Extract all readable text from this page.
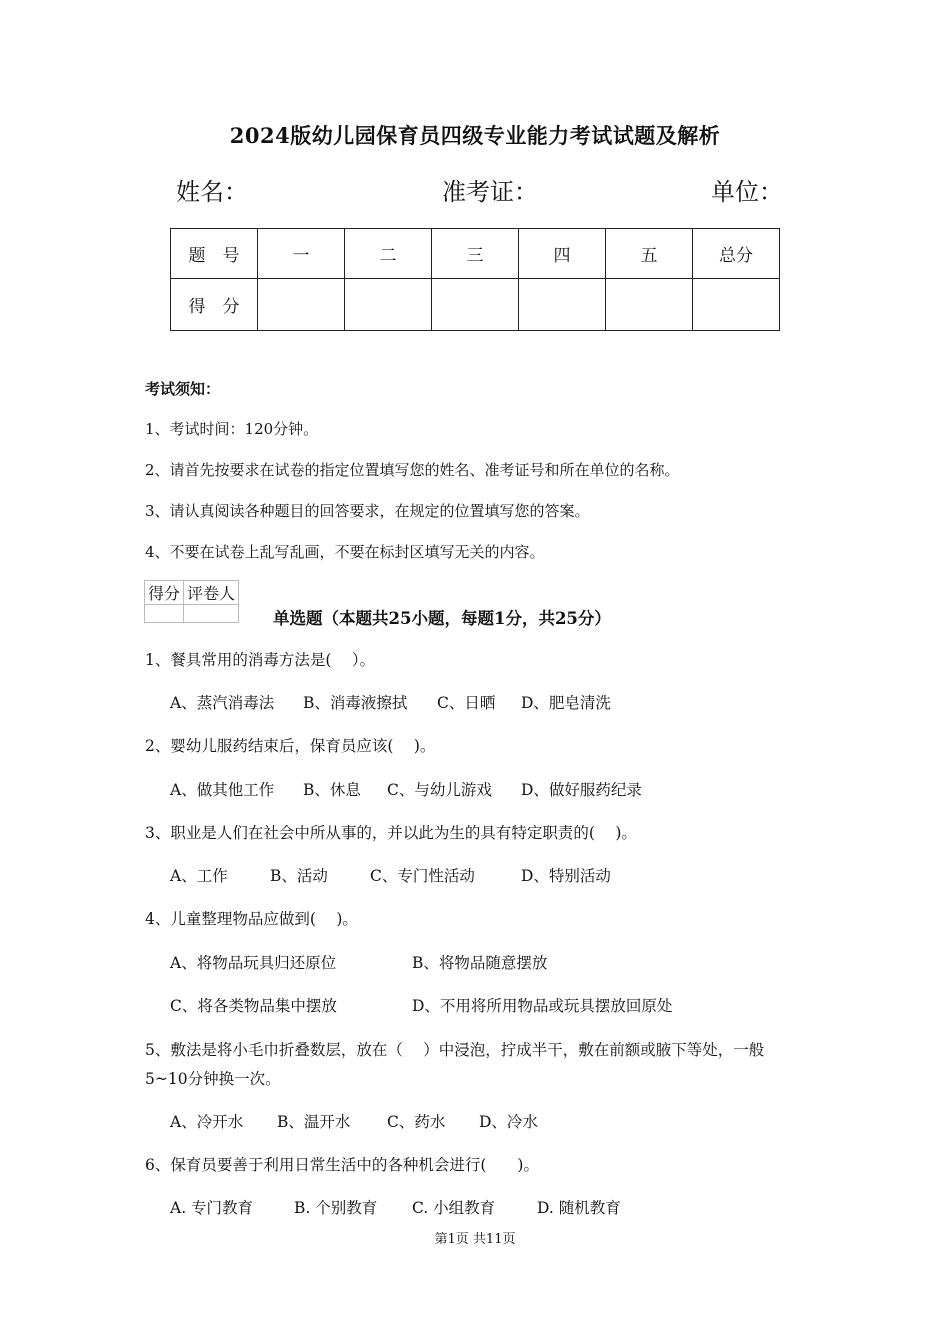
2024版幼儿园保育员四级专业能力考试试题及解析
姓名：	准考证：	单位：
题　号	一	二	三	四	五	总分
得　分						
考试须知：
1、考试时间：120分钟。
2、请首先按要求在试卷的指定位置填写您的姓名、准考证号和所在单位的名称。
3、请认真阅读各种题目的回答要求，在规定的位置填写您的答案。
4、不要在试卷上乱写乱画，不要在标封区填写无关的内容。
得分	评卷人

单选题（本题共25小题，每题1分，共25分）
1、餐具常用的消毒方法是(　 ）。
A、蒸汽消毒法 B、消毒液擦拭 C、日晒 D、肥皂清洗
2、婴幼儿服药结束后，保育员应该(　 )。
A、做其他工作 B、休息 C、与幼儿游戏 D、做好服药纪录
3、职业是人们在社会中所从事的，并以此为生的具有特定职责的(　 )。
A、工作	B、活动	C、专门性活动	D、特别活动
4、儿童整理物品应做到(　 )。
A、将物品玩具归还原位	B、将物品随意摆放
C、将各类物品集中摆放	D、不用将所用物品或玩具摆放回原处
5、敷法是将小毛巾折叠数层，放在（　 ）中浸泡，拧成半干，敷在前额或腋下等处，一般
5~10分钟换一次。
A、冷开水 B、温开水 C、药水 D、冷水
6、保育员要善于利用日常生活中的各种机会进行(　　)。
A. 专门教育	B. 个别教育 C. 小组教育	D. 随机教育
第1页 共11页
